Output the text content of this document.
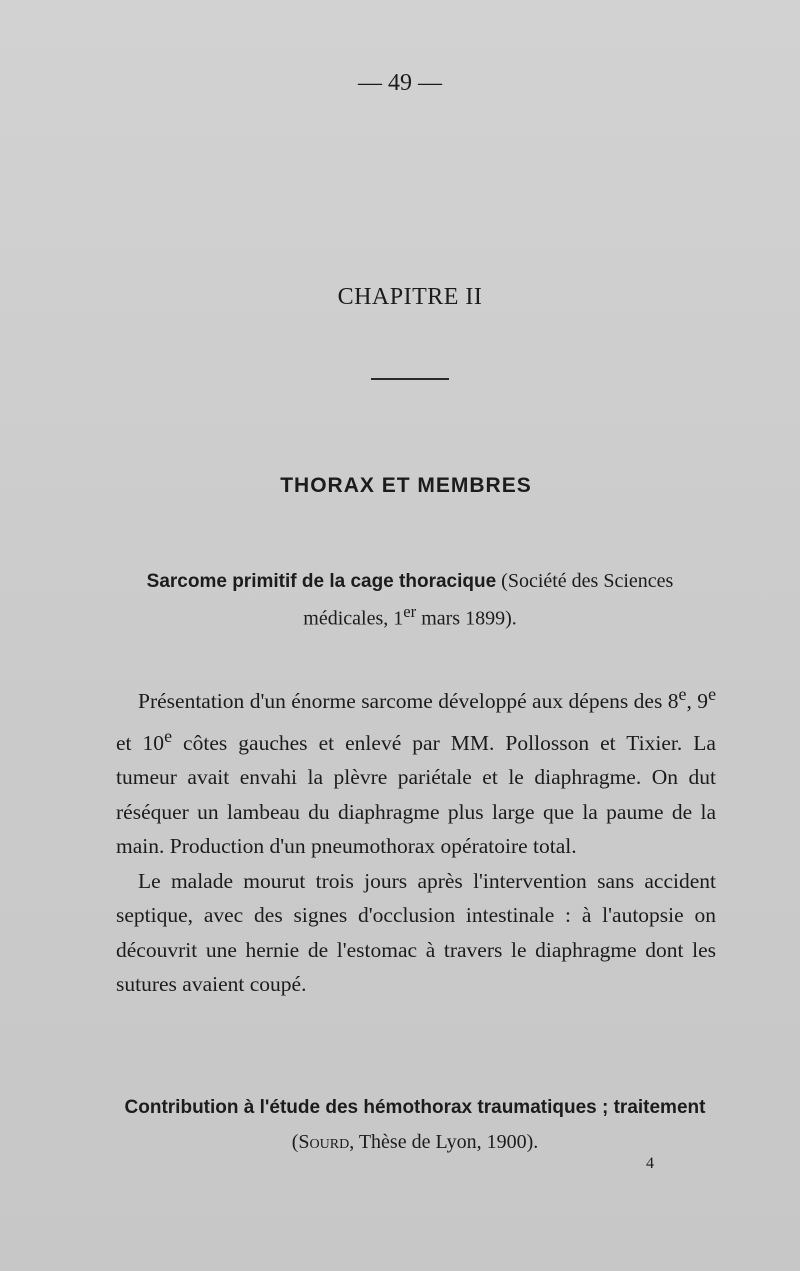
— 49 —
CHAPITRE II
THORAX ET MEMBRES
Sarcome primitif de la cage thoracique (Société des Sciences médicales, 1er mars 1899).

Présentation d'un énorme sarcome développé aux dépens des 8e, 9e et 10e côtes gauches et enlevé par MM. Pollosson et Tixier. La tumeur avait envahi la plèvre pariétale et le diaphragme. On dut réséquer un lambeau du diaphragme plus large que la paume de la main. Production d'un pneumothorax opératoire total.

Le malade mourut trois jours après l'intervention sans accident septique, avec des signes d'occlusion intestinale : à l'autopsie on découvrit une hernie de l'estomac à travers le diaphragme dont les sutures avaient coupé.

Contribution à l'étude des hémothorax traumatiques ; traitement (Sourd, Thèse de Lyon, 1900).
4
